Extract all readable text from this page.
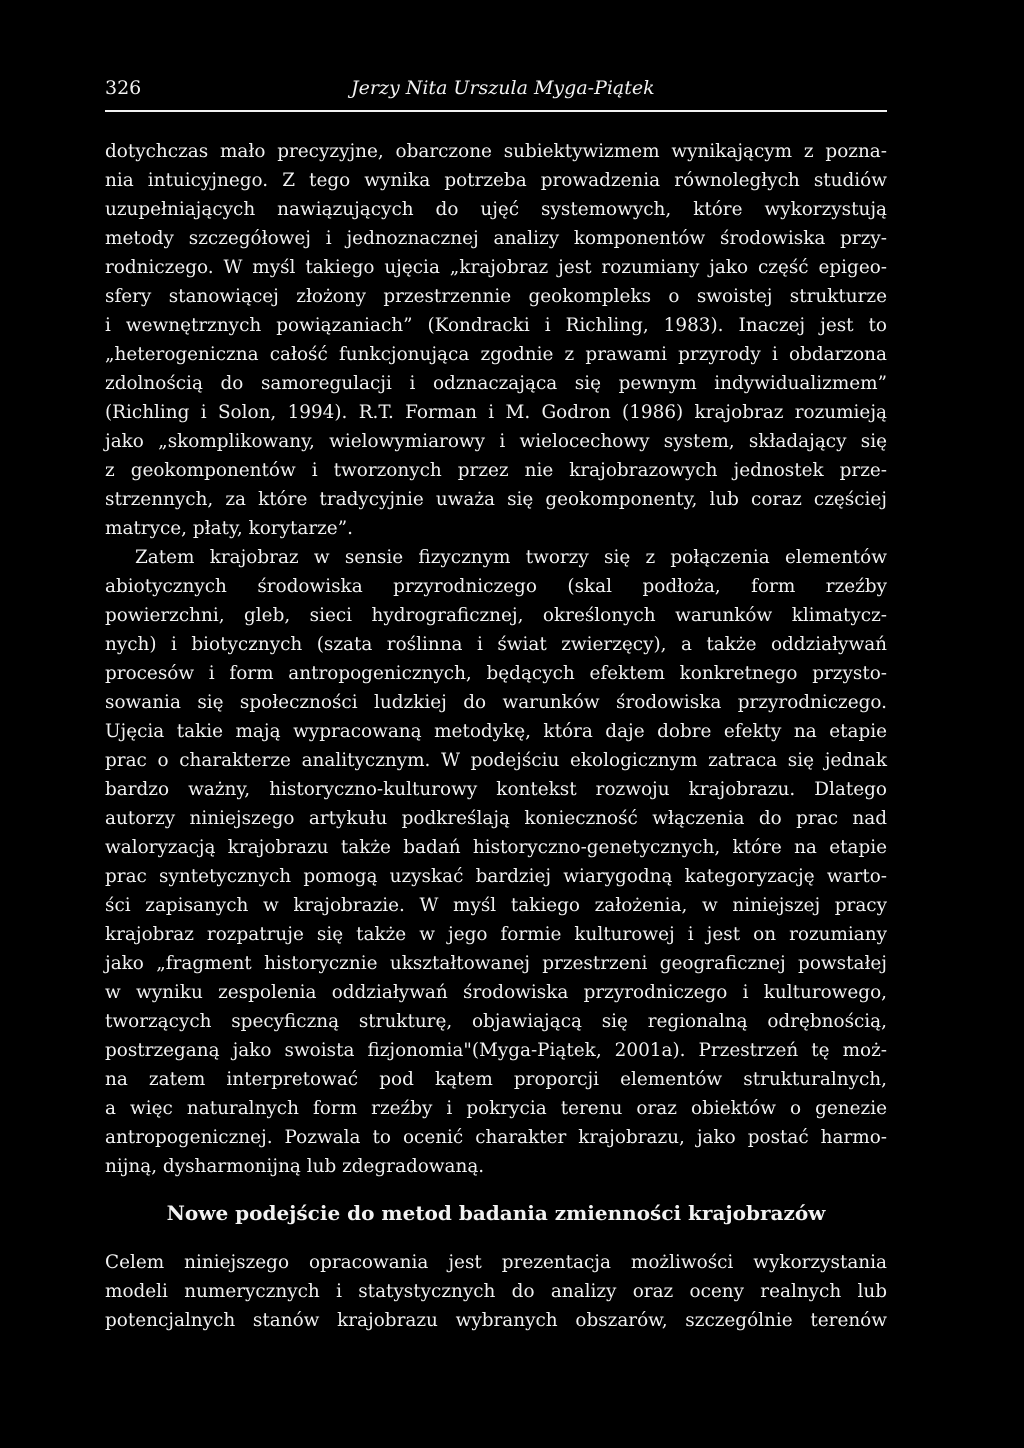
326	Jerzy Nita Urszula Myga-Piątek
dotychczas mało precyzyjne, obarczone subiektywizmem wynikającym z pozna-
nia intuicyjnego. Z tego wynika potrzeba prowadzenia równoległych studiów
uzupełniających nawiązujących do ujęć systemowych, które wykorzystują
metody szczegółowej i jednoznacznej analizy komponentów środowiska przy-
rodniczego. W myśl takiego ujęcia „krajobraz jest rozumiany jako część epigeo-
sfery stanowiącej złożony przestrzennie geokompleks o swoistej strukturze
i wewnętrznych powiązaniach” (Kondracki i Richling, 1983). Inaczej jest to
„heterogeniczna całość funkcjonująca zgodnie z prawami przyrody i obdarzona
zdolnością do samoregulacji i odznaczająca się pewnym indywidualizmem”
(Richling i Solon, 1994). R.T. Forman i M. Godron (1986) krajobraz rozumieją
jako „skomplikowany, wielowymiarowy i wielocechowy system, składający się
z geokomponentów i tworzonych przez nie krajobrazowych jednostek prze-
strzennych, za które tradycyjnie uważa się geokomponenty, lub coraz częściej
matryce, płaty, korytarze”.
Zatem krajobraz w sensie fizycznym tworzy się z połączenia elementów
abiotycznych środowiska przyrodniczego (skal podłoża, form rzeźby
powierzchni, gleb, sieci hydrograficznej, określonych warunków klimatycz-
nych) i biotycznych (szata roślinna i świat zwierzęcy), a także oddziaływań
procesów i form antropogenicznych, będących efektem konkretnego przysto-
sowania się społeczności ludzkiej do warunków środowiska przyrodniczego.
Ujęcia takie mają wypracowaną metodykę, która daje dobre efekty na etapie
prac o charakterze analitycznym. W podejściu ekologicznym zatraca się jednak
bardzo ważny, historyczno-kulturowy kontekst rozwoju krajobrazu. Dlatego
autorzy niniejszego artykułu podkreślają konieczność włączenia do prac nad
waloryzacją krajobrazu także badań historyczno-genetycznych, które na etapie
prac syntetycznych pomogą uzyskać bardziej wiarygodną kategoryzację warto-
ści zapisanych w krajobrazie. W myśl takiego założenia, w niniejszej pracy
krajobraz rozpatruje się także w jego formie kulturowej i jest on rozumiany
jako „fragment historycznie ukształtowanej przestrzeni geograficznej powstałej
w wyniku zespolenia oddziaływań środowiska przyrodniczego i kulturowego,
tworzących specyficzną strukturę, objawiającą się regionalną odrębnością,
postrzeganą jako swoista fizjonomia"(Myga-Piątek, 2001a). Przestrzeń tę moż-
na zatem interpretować pod kątem proporcji elementów strukturalnych,
a więc naturalnych form rzeźby i pokrycia terenu oraz obiektów o genezie
antropogenicznej. Pozwala to ocenić charakter krajobrazu, jako postać harmo-
nijną, dysharmonijną lub zdegradowaną.
Nowe podejście do metod badania zmienności krajobrazów
Celem niniejszego opracowania jest prezentacja możliwości wykorzystania
modeli numerycznych i statystycznych do analizy oraz oceny realnych lub
potencjalnych stanów krajobrazu wybranych obszarów, szczególnie terenów
